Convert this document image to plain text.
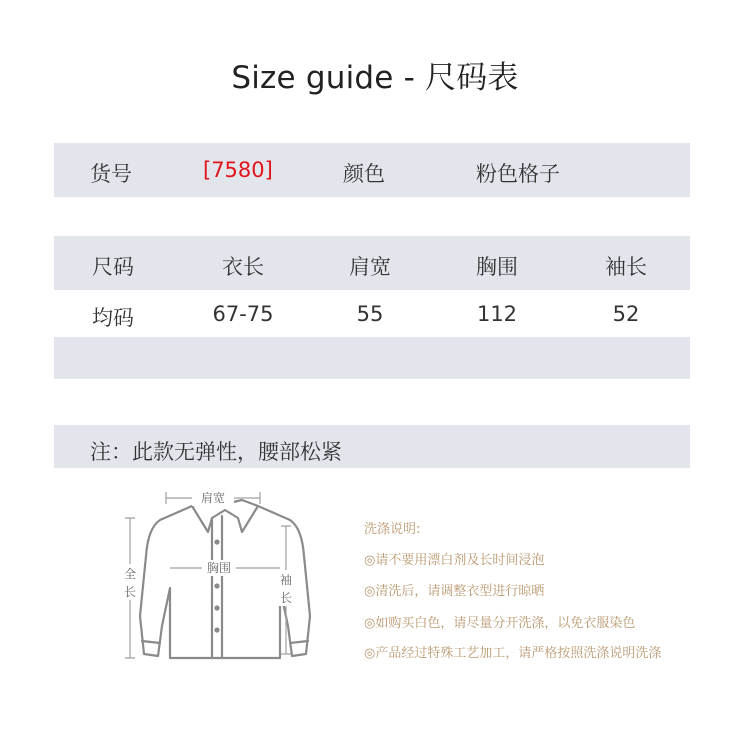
Size guide - 尺码表
货号	[7580]	颜色	粉色格子
尺码	衣长	肩宽	胸围	袖长
均码	67-75	55	112	52
注：此款无弹性，腰部松紧
肩宽
胸围
全
长
袖
长
洗涤说明:
◎请不要用漂白剂及长时间浸泡
◎清洗后，请调整衣型进行晾晒
◎如购买白色，请尽量分开洗涤，以免衣服染色
◎产品经过特殊工艺加工，请严格按照洗涤说明洗涤
